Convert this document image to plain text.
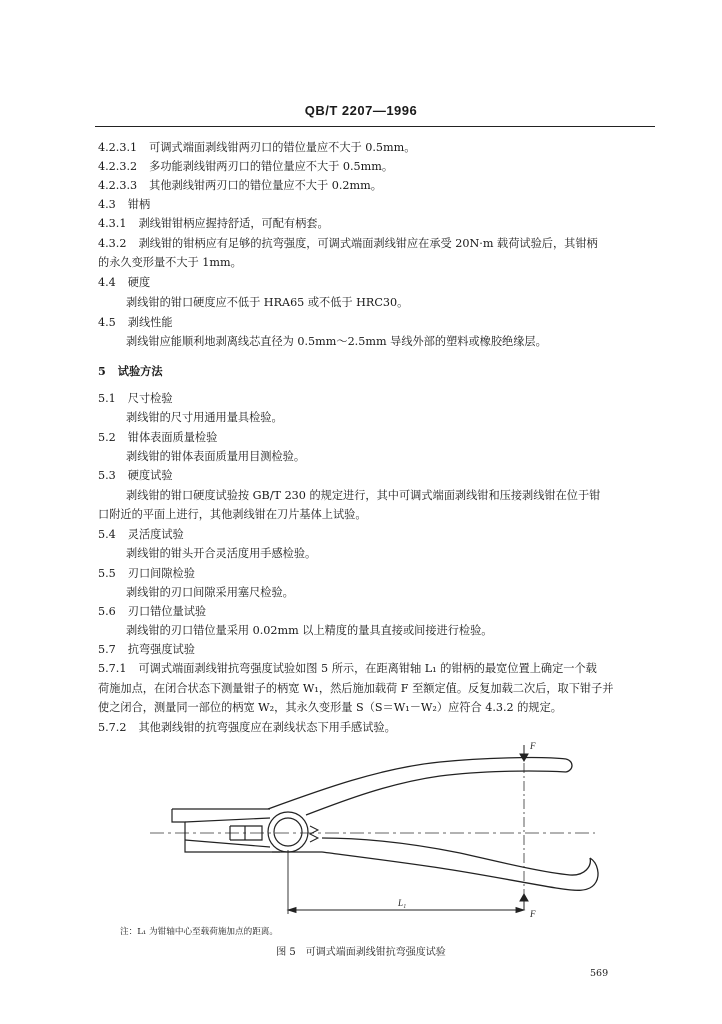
QB/T 2207—1996
4.2.3.1 可调式端面剥线钳两刃口的错位量应不大于 0.5mm。
4.2.3.2 多功能剥线钳两刃口的错位量应不大于 0.5mm。
4.2.3.3 其他剥线钳两刃口的错位量应不大于 0.2mm。
4.3 钳柄
4.3.1 剥线钳钳柄应握持舒适，可配有柄套。
4.3.2 剥线钳的钳柄应有足够的抗弯强度，可调式端面剥线钳应在承受 20N·m 载荷试验后，其钳柄
的永久变形量不大于 1mm。
4.4 硬度
剥线钳的钳口硬度应不低于 HRA65 或不低于 HRC30。
4.5 剥线性能
剥线钳应能顺利地剥离线芯直径为 0.5mm～2.5mm 导线外部的塑料或橡胶绝缘层。
5 试验方法
5.1 尺寸检验
剥线钳的尺寸用通用量具检验。
5.2 钳体表面质量检验
剥线钳的钳体表面质量用目测检验。
5.3 硬度试验
剥线钳的钳口硬度试验按 GB/T 230 的规定进行，其中可调式端面剥线钳和压接剥线钳在位于钳
口附近的平面上进行，其他剥线钳在刀片基体上试验。
5.4 灵活度试验
剥线钳的钳头开合灵活度用手感检验。
5.5 刃口间隙检验
剥线钳的刃口间隙采用塞尺检验。
5.6 刃口错位量试验
剥线钳的刃口错位量采用 0.02mm 以上精度的量具直接或间接进行检验。
5.7 抗弯强度试验
5.7.1 可调式端面剥线钳抗弯强度试验如图 5 所示，在距离钳轴 L₁ 的钳柄的最宽位置上确定一个载
荷施加点，在闭合状态下测量钳子的柄宽 W₁，然后施加载荷 F 至额定值。反复加载二次后，取下钳子并
使之闭合，测量同一部位的柄宽 W₂，其永久变形量 S（S＝W₁－W₂）应符合 4.3.2 的规定。
5.7.2 其他剥线钳的抗弯强度应在剥线状态下用手感试验。
F
F
L₁
注：L₁ 为钳轴中心至载荷施加点的距离。
图 5　可调式端面剥线钳抗弯强度试验
569
